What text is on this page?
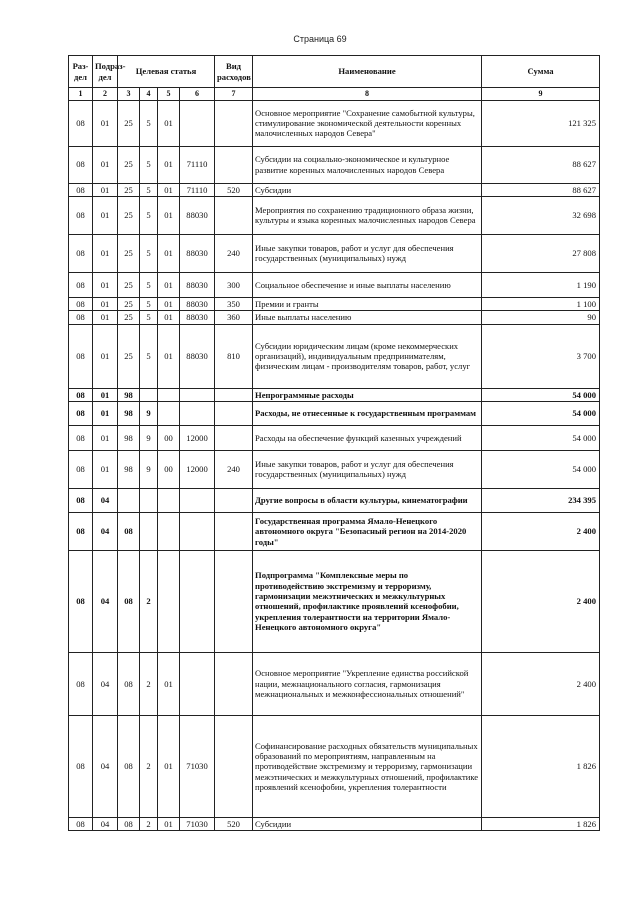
Страница 69
Раз-дел	Подраз-дел	Целевая статья				Вид расходов	Наименование	Сумма
1	2	3	4	5	6	7	8	9
08	01	25	5	01			Основное мероприятие "Сохранение самобытной культуры, стимулирование экономической деятельности коренных малочисленных народов Севера"	121 325
08	01	25	5	01	71110		Субсидии на социально-экономическое и культурное развитие коренных малочисленных народов Севера	88 627
08	01	25	5	01	71110	520	Субсидии	88 627
08	01	25	5	01	88030		Мероприятия по сохранению традиционного образа жизни, культуры и языка коренных малочисленных народов Севера	32 698
08	01	25	5	01	88030	240	Иные закупки товаров, работ и услуг для обеспечения государственных (муниципальных) нужд	27 808
08	01	25	5	01	88030	300	Социальное обеспечение и иные выплаты населению	1 190
08	01	25	5	01	88030	350	Премии и гранты	1 100
08	01	25	5	01	88030	360	Иные выплаты населению	90
08	01	25	5	01	88030	810	Субсидии юридическим лицам (кроме некоммерческих организаций), индивидуальным предпринимателям, физическим лицам - производителям товаров, работ, услуг	3 700
08	01	98					Непрограммные расходы	54 000
08	01	98	9				Расходы, не отнесенные к государственным программам	54 000
08	01	98	9	00	12000		Расходы на обеспечение функций казенных учреждений	54 000
08	01	98	9	00	12000	240	Иные закупки товаров, работ и услуг для обеспечения государственных (муниципальных) нужд	54 000
08	04						Другие вопросы в области культуры, кинематографии	234 395
08	04	08					Государственная программа Ямало-Ненецкого автономного округа "Безопасный регион на 2014-2020 годы"	2 400
08	04	08	2				Подпрограмма "Комплексные меры по противодействию экстремизму и терроризму, гармонизации межэтнических и межкультурных отношений, профилактике проявлений ксенофобии, укрепления толерантности на территории Ямало-Ненецкого автономного округа"	2 400
08	04	08	2	01			Основное мероприятие "Укрепление единства российской нации, межнационального согласия, гармонизация межнациональных и межконфессиональных отношений"	2 400
08	04	08	2	01	71030		Софинансирование расходных обязательств муниципальных образований по мероприятиям, направленным на противодействие экстремизму и терроризму, гармонизации межэтнических и межкультурных отношений, профилактике проявлений ксенофобии, укрепления толерантности	1 826
08	04	08	2	01	71030	520	Субсидии	1 826
